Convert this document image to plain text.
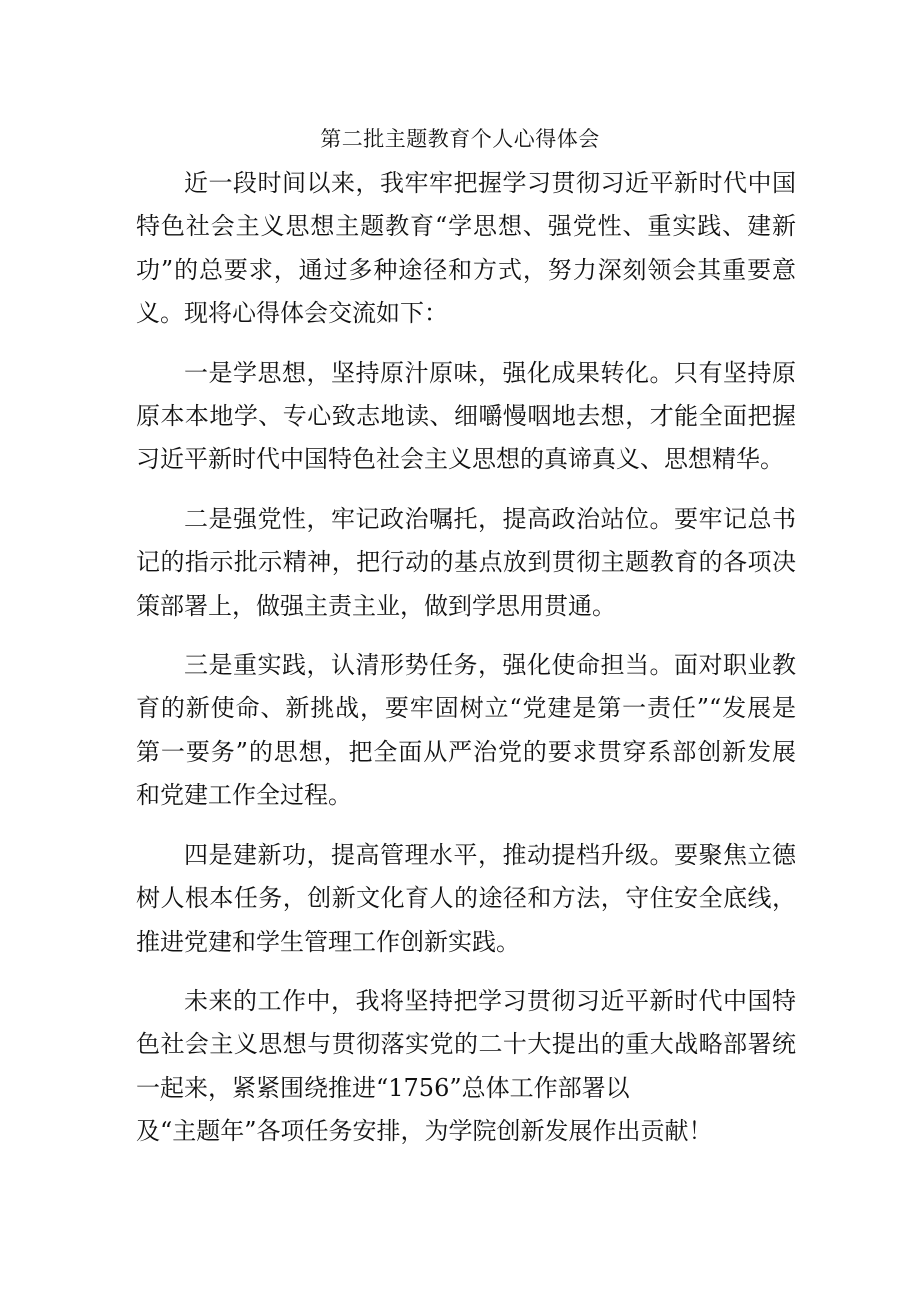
第二批主题教育个人心得体会

近一段时间以来，我牢牢把握学习贯彻习近平新时代中国特色社会主义思想主题教育“学思想、强党性、重实践、建新功”的总要求，通过多种途径和方式，努力深刻领会其重要意义。现将心得体会交流如下：

一是学思想，坚持原汁原味，强化成果转化。只有坚持原原本本地学、专心致志地读、细嚼慢咽地去想，才能全面把握习近平新时代中国特色社会主义思想的真谛真义、思想精华。

二是强党性，牢记政治嘱托，提高政治站位。要牢记总书记的指示批示精神，把行动的基点放到贯彻主题教育的各项决策部署上，做强主责主业，做到学思用贯通。

三是重实践，认清形势任务，强化使命担当。面对职业教育的新使命、新挑战，要牢固树立“党建是第一责任”“发展是第一要务”的思想，把全面从严治党的要求贯穿系部创新发展和党建工作全过程。

四是建新功，提高管理水平，推动提档升级。要聚焦立德树人根本任务，创新文化育人的途径和方法，守住安全底线，推进党建和学生管理工作创新实践。

未来的工作中，我将坚持把学习贯彻习近平新时代中国特色社会主义思想与贯彻落实党的二十大提出的重大战略部署统一起来，紧紧围绕推进“1756”总体工作部署以
及“主题年”各项任务安排，为学院创新发展作出贡献！
